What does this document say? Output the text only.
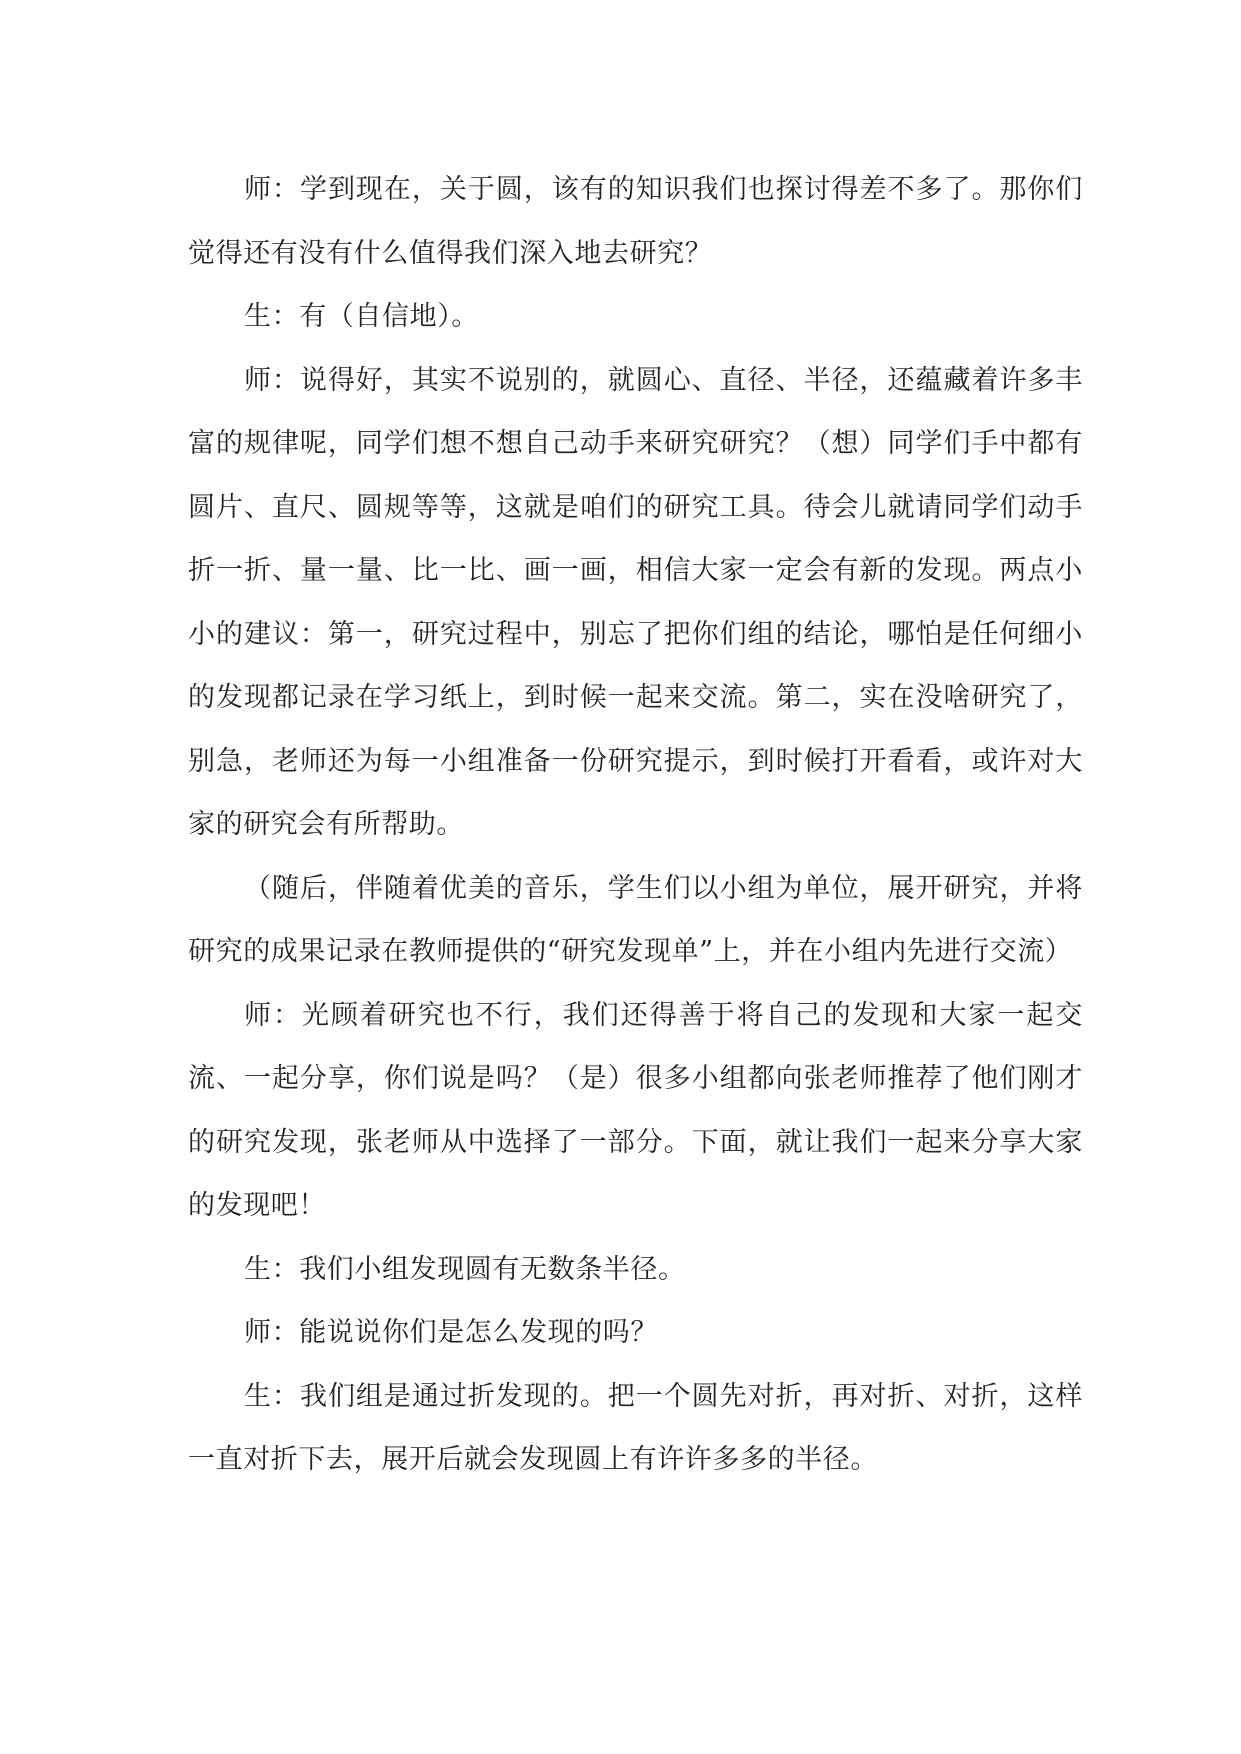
师：学到现在，关于圆，该有的知识我们也探讨得差不多了。那你们觉得还有没有什么值得我们深入地去研究？

生：有（自信地）。

师：说得好，其实不说别的，就圆心、直径、半径，还蕴藏着许多丰富的规律呢，同学们想不想自己动手来研究研究？（想）同学们手中都有圆片、直尺、圆规等等，这就是咱们的研究工具。待会儿就请同学们动手折一折、量一量、比一比、画一画，相信大家一定会有新的发现。两点小小的建议：第一，研究过程中，别忘了把你们组的结论，哪怕是任何细小的发现都记录在学习纸上，到时候一起来交流。第二，实在没啥研究了，别急，老师还为每一小组准备一份研究提示，到时候打开看看，或许对大家的研究会有所帮助。

（随后，伴随着优美的音乐，学生们以小组为单位，展开研究，并将研究的成果记录在教师提供的“研究发现单”上，并在小组内先进行交流）

师：光顾着研究也不行，我们还得善于将自己的发现和大家一起交流、一起分享，你们说是吗？（是）很多小组都向张老师推荐了他们刚才的研究发现，张老师从中选择了一部分。下面，就让我们一起来分享大家的发现吧！

生：我们小组发现圆有无数条半径。

师：能说说你们是怎么发现的吗？

生：我们组是通过折发现的。把一个圆先对折，再对折、对折，这样一直对折下去，展开后就会发现圆上有许许多多的半径。
